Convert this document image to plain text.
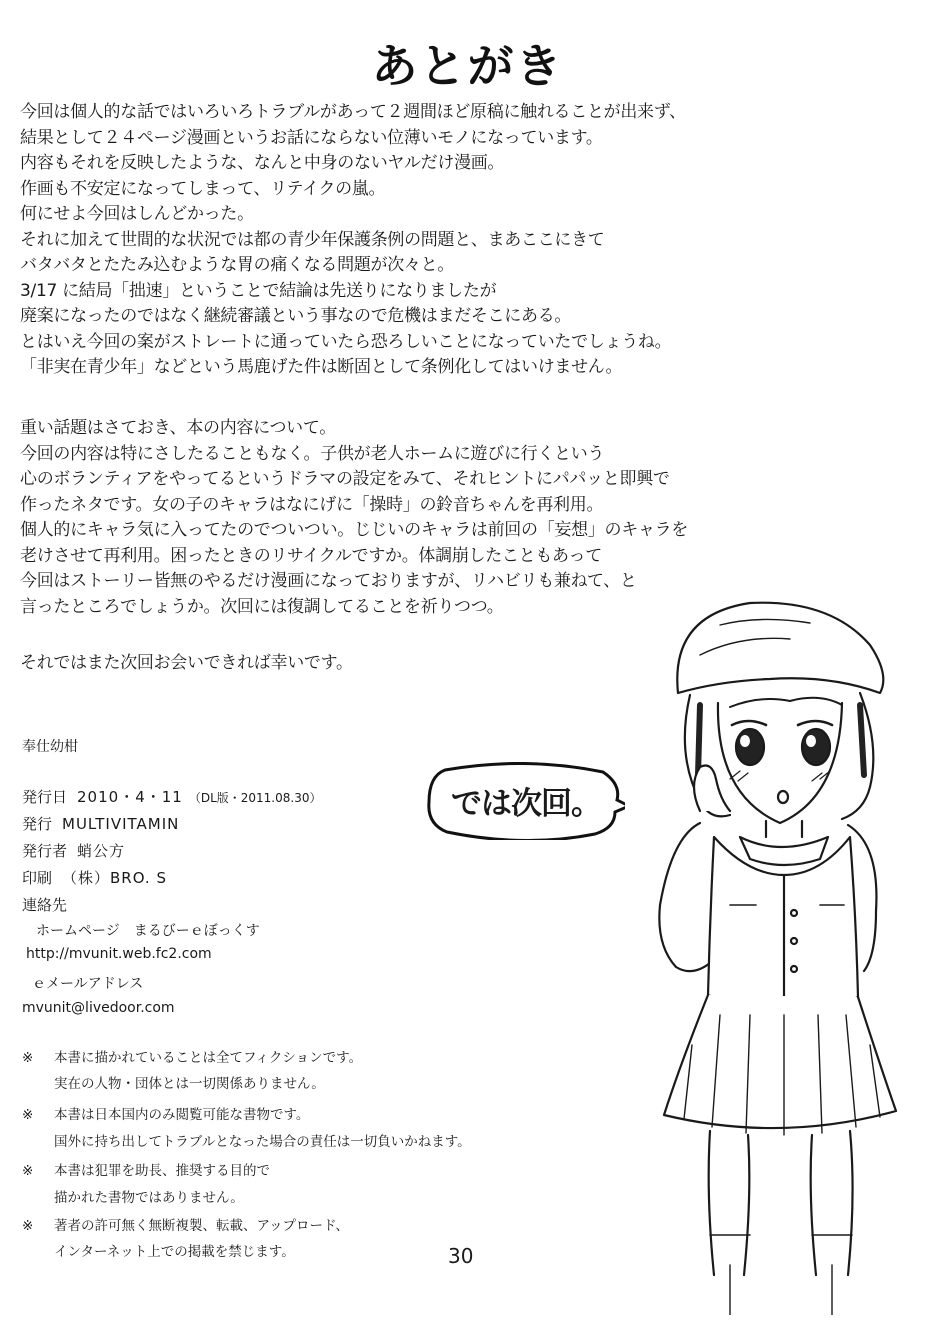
あとがき
今回は個人的な話ではいろいろトラブルがあって２週間ほど原稿に触れることが出来ず、
結果として２４ページ漫画というお話にならない位薄いモノになっています。
内容もそれを反映したような、なんと中身のないヤルだけ漫画。
作画も不安定になってしまって、リテイクの嵐。
何にせよ今回はしんどかった。
それに加えて世間的な状況では都の青少年保護条例の問題と、まあここにきて
バタバタとたたみ込むような胃の痛くなる問題が次々と。
3/17 に結局「拙速」ということで結論は先送りになりましたが
廃案になったのではなく継続審議という事なので危機はまだそこにある。
とはいえ今回の案がストレートに通っていたら恐ろしいことになっていたでしょうね。
「非実在青少年」などという馬鹿げた件は断固として条例化してはいけません。
重い話題はさておき、本の内容について。
今回の内容は特にさしたることもなく。子供が老人ホームに遊びに行くという
心のボランティアをやってるというドラマの設定をみて、それヒントにパパッと即興で
作ったネタです。女の子のキャラはなにげに「操時」の鈴音ちゃんを再利用。
個人的にキャラ気に入ってたのでついつい。じじいのキャラは前回の「妄想」のキャラを
老けさせて再利用。困ったときのリサイクルですか。体調崩したこともあって
今回はストーリー皆無のやるだけ漫画になっておりますが、リハビリも兼ねて、と
言ったところでしょうか。次回には復調してることを祈りつつ。
それではまた次回お会いできれば幸いです。
奉仕幼柑
発行日 2010・4・11 （DL版・2011.08.30）
発行 MULTIVITAMIN
発行者 蛸公方
印刷 （株）BRO. S
連絡先
ホームページ　まるびーｅぼっくす
http://mvunit.web.fc2.com
ｅメールアドレス
mvunit@livedoor.com
※ 本書に描かれていることは全てフィクションです。
実在の人物・団体とは一切関係ありません。
※ 本書は日本国内のみ閲覧可能な書物です。
国外に持ち出してトラブルとなった場合の責任は一切負いかねます。
※ 本書は犯罪を助長、推奨する目的で
描かれた書物ではありません。
※ 著者の許可無く無断複製、転載、アップロード、
インターネット上での掲載を禁じます。
では次回。
30
